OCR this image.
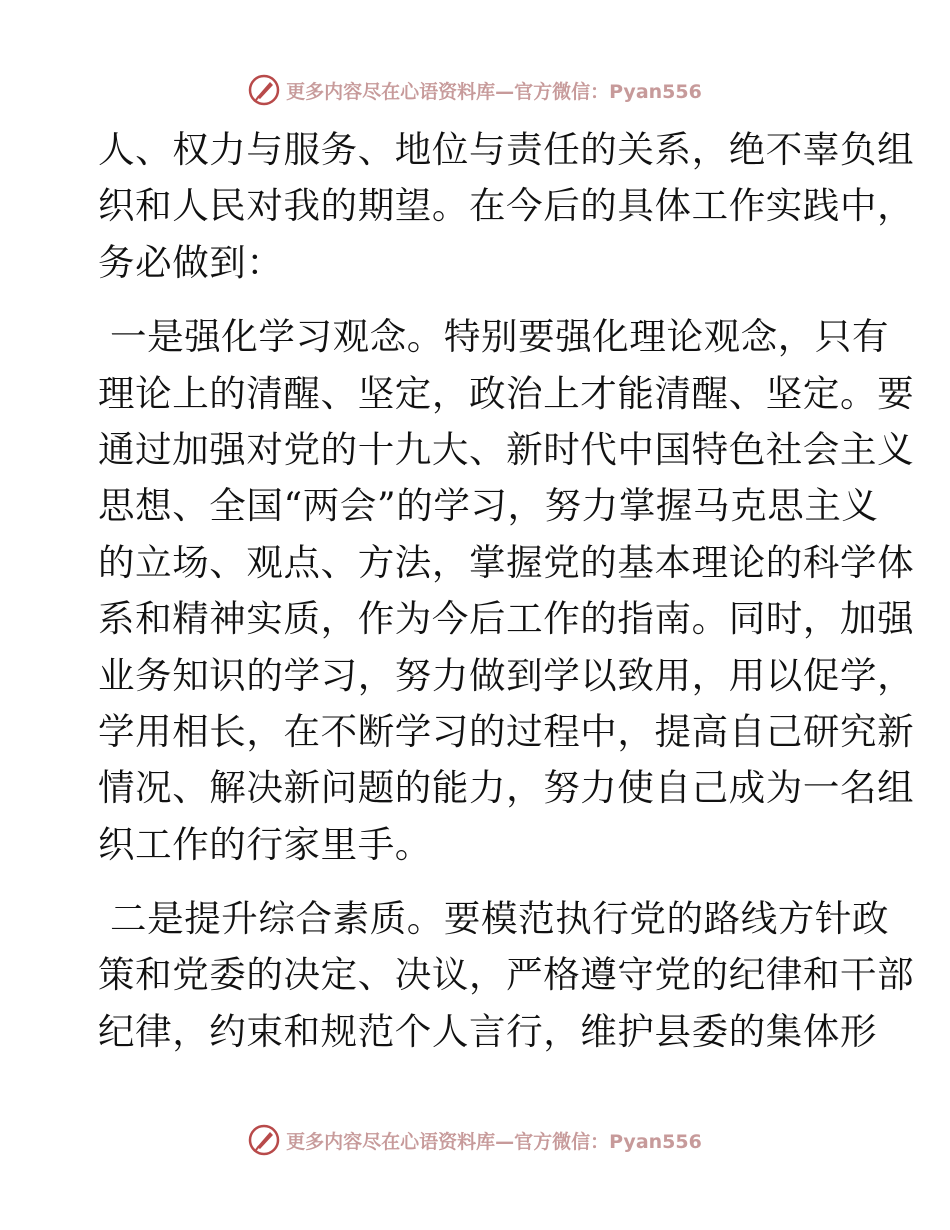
更多内容尽在心语资料库—官方微信：Pyan556
人、权力与服务、地位与责任的关系，绝不辜负组
织和人民对我的期望。在今后的具体工作实践中，
务必做到：
一是强化学习观念。特别要强化理论观念，只有
理论上的清醒、坚定，政治上才能清醒、坚定。要
通过加强对党的十九大、新时代中国特色社会主义
思想、全国“两会”的学习，努力掌握马克思主义
的立场、观点、方法，掌握党的基本理论的科学体
系和精神实质，作为今后工作的指南。同时，加强
业务知识的学习，努力做到学以致用，用以促学，
学用相长，在不断学习的过程中，提高自己研究新
情况、解决新问题的能力，努力使自己成为一名组
织工作的行家里手。
二是提升综合素质。要模范执行党的路线方针政
策和党委的决定、决议，严格遵守党的纪律和干部
纪律，约束和规范个人言行，维护县委的集体形
更多内容尽在心语资料库—官方微信：Pyan556
